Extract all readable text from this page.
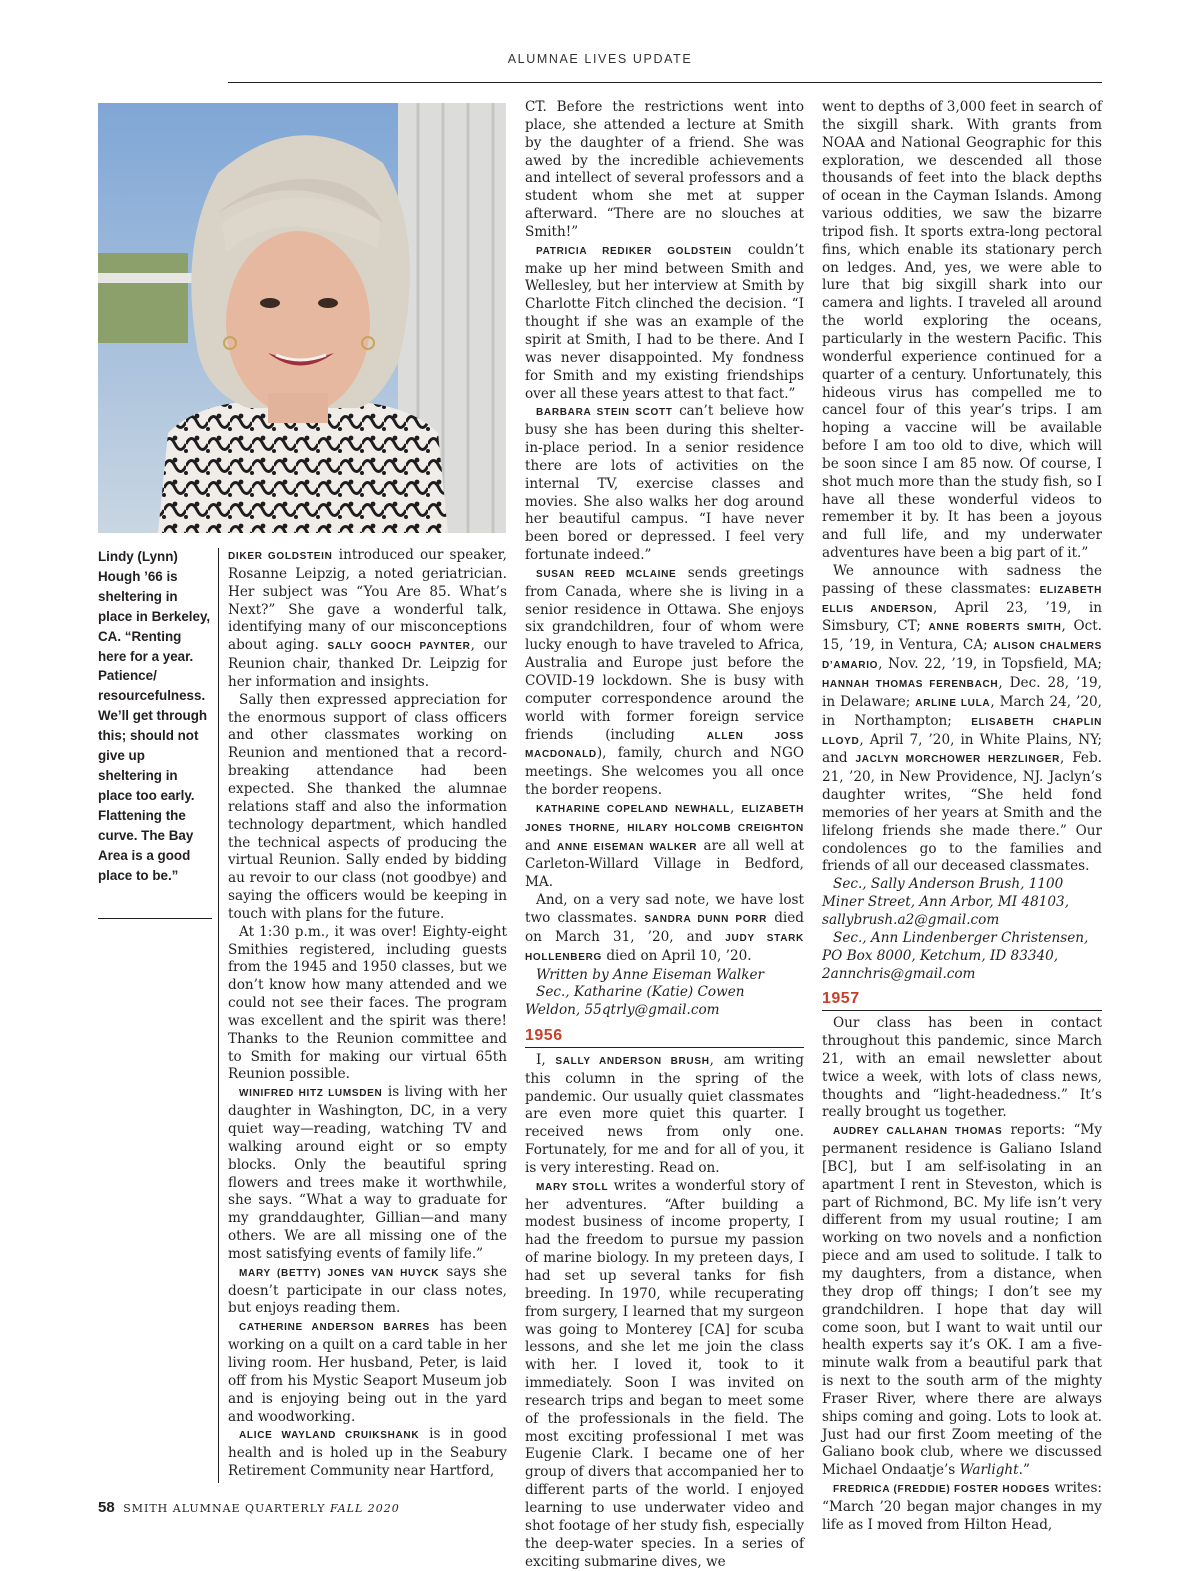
ALUMNAE LIVES UPDATE
Lindy (Lynn) Hough ’66 is sheltering in place in Berkeley, CA. “Renting here for a year. Patience/ resourcefulness. We’ll get through this; should not give up sheltering in place too early. Flattening the curve. The Bay Area is a good place to be.”

DIKER GOLDSTEIN introduced our speaker, Rosanne Leipzig, a noted geriatrician. Her subject was “You Are 85. What’s Next?” She gave a wonderful talk, identifying many of our misconceptions about aging. SALLY GOOCH PAYNTER, our Reunion chair, thanked Dr. Leipzig for her information and insights.

Sally then expressed appreciation for the enormous support of class officers and other classmates working on Reunion and mentioned that a record-breaking attendance had been expected. She thanked the alumnae relations staff and also the information technology department, which handled the technical aspects of producing the virtual Reunion. Sally ended by bidding au revoir to our class (not goodbye) and saying the officers would be keeping in touch with plans for the future.

At 1:30 p.m., it was over! Eighty-eight Smithies registered, including guests from the 1945 and 1950 classes, but we don’t know how many attended and we could not see their faces. The program was excellent and the spirit was there! Thanks to the Reunion committee and to Smith for making our virtual 65th Reunion possible.

WINIFRED HITZ LUMSDEN is living with her daughter in Washington, DC, in a very quiet way—reading, watching TV and walking around eight or so empty blocks. Only the beautiful spring flowers and trees make it worthwhile, she says. “What a way to graduate for my granddaughter, Gillian—and many others. We are all missing one of the most satisfying events of family life.”

MARY (BETTY) JONES VAN HUYCK says she doesn’t participate in our class notes, but enjoys reading them.

CATHERINE ANDERSON BARRES has been working on a quilt on a card table in her living room. Her husband, Peter, is laid off from his Mystic Seaport Museum job and is enjoying being out in the yard and woodworking.

ALICE WAYLAND CRUIKSHANK is in good health and is holed up in the Seabury Retirement Community near Hartford,

CT. Before the restrictions went into place, she attended a lecture at Smith by the daughter of a friend. She was awed by the incredible achievements and intellect of several professors and a student whom she met at supper afterward. “There are no slouches at Smith!”

PATRICIA REDIKER GOLDSTEIN couldn’t make up her mind between Smith and Wellesley, but her interview at Smith by Charlotte Fitch clinched the decision. “I thought if she was an example of the spirit at Smith, I had to be there. And I was never disappointed. My fondness for Smith and my existing friendships over all these years attest to that fact.”

BARBARA STEIN SCOTT can’t believe how busy she has been during this shelter-in-place period. In a senior residence there are lots of activities on the internal TV, exercise classes and movies. She also walks her dog around her beautiful campus. “I have never been bored or depressed. I feel very fortunate indeed.”

SUSAN REED MCLAINE sends greetings from Canada, where she is living in a senior residence in Ottawa. She enjoys six grandchildren, four of whom were lucky enough to have traveled to Africa, Australia and Europe just before the COVID-19 lockdown. She is busy with computer correspondence around the world with former foreign service friends (including ALLEN JOSS MACDONALD), family, church and NGO meetings. She welcomes you all once the border reopens.

KATHARINE COPELAND NEWHALL, ELIZABETH JONES THORNE, HILARY HOLCOMB CREIGHTON and ANNE EISEMAN WALKER are all well at Carleton-Willard Village in Bedford, MA.

And, on a very sad note, we have lost two classmates. SANDRA DUNN PORR died on March 31, ’20, and JUDY STARK HOLLENBERG died on April 10, ’20.

Written by Anne Eiseman Walker

Sec., Katharine (Katie) Cowen Weldon, 55qtrly@gmail.com

1956

I, SALLY ANDERSON BRUSH, am writing this column in the spring of the pandemic. Our usually quiet classmates are even more quiet this quarter. I received news from only one. Fortunately, for me and for all of you, it is very interesting. Read on.

MARY STOLL writes a wonderful story of her adventures. “After building a modest business of income property, I had the freedom to pursue my passion of marine biology. In my preteen days, I had set up several tanks for fish breeding. In 1970, while recuperating from surgery, I learned that my surgeon was going to Monterey [CA] for scuba lessons, and she let me join the class with her. I loved it, took to it immediately. Soon I was invited on research trips and began to meet some of the professionals in the field. The most exciting professional I met was Eugenie Clark. I became one of her group of divers that accompanied her to different parts of the world. I enjoyed learning to use underwater video and shot footage of her study fish, especially the deep-water species. In a series of exciting submarine dives, we

went to depths of 3,000 feet in search of the sixgill shark. With grants from NOAA and National Geographic for this exploration, we descended all those thousands of feet into the black depths of ocean in the Cayman Islands. Among various oddities, we saw the bizarre tripod fish. It sports extra-long pectoral fins, which enable its stationary perch on ledges. And, yes, we were able to lure that big sixgill shark into our camera and lights. I traveled all around the world exploring the oceans, particularly in the western Pacific. This wonderful experience continued for a quarter of a century. Unfortunately, this hideous virus has compelled me to cancel four of this year’s trips. I am hoping a vaccine will be available before I am too old to dive, which will be soon since I am 85 now. Of course, I shot much more than the study fish, so I have all these wonderful videos to remember it by. It has been a joyous and full life, and my underwater adventures have been a big part of it.”

We announce with sadness the passing of these classmates: ELIZABETH ELLIS ANDERSON, April 23, ’19, in Simsbury, CT; ANNE ROBERTS SMITH, Oct. 15, ’19, in Ventura, CA; ALISON CHALMERS D’AMARIO, Nov. 22, ’19, in Topsfield, MA; HANNAH THOMAS FERENBACH, Dec. 28, ’19, in Delaware; ARLINE LULA, March 24, ’20, in Northampton; ELISABETH CHAPLIN LLOYD, April 7, ’20, in White Plains, NY; and JACLYN MORCHOWER HERZLINGER, Feb. 21, ’20, in New Providence, NJ. Jaclyn’s daughter writes, “She held fond memories of her years at Smith and the lifelong friends she made there.” Our condolences go to the families and friends of all our deceased classmates.

Sec., Sally Anderson Brush, 1100 Miner Street, Ann Arbor, MI 48103, sallybrush.a2@gmail.com

Sec., Ann Lindenberger Christensen, PO Box 8000, Ketchum, ID 83340, 2annchris@gmail.com

1957

Our class has been in contact throughout this pandemic, since March 21, with an email newsletter about twice a week, with lots of class news, thoughts and “light-headedness.” It’s really brought us together.

AUDREY CALLAHAN THOMAS reports: “My permanent residence is Galiano Island [BC], but I am self-isolating in an apartment I rent in Steveston, which is part of Richmond, BC. My life isn’t very different from my usual routine; I am working on two novels and a nonfiction piece and am used to solitude. I talk to my daughters, from a distance, when they drop off things; I don’t see my grandchildren. I hope that day will come soon, but I want to wait until our health experts say it’s OK. I am a five-minute walk from a beautiful park that is next to the south arm of the mighty Fraser River, where there are always ships coming and going. Lots to look at. Just had our first Zoom meeting of the Galiano book club, where we discussed Michael Ondaatje’s Warlight.”

FREDRICA (FREDDIE) FOSTER HODGES writes: “March ’20 began major changes in my life as I moved from Hilton Head,

58 SMITH ALUMNAE QUARTERLY FALL 2020
